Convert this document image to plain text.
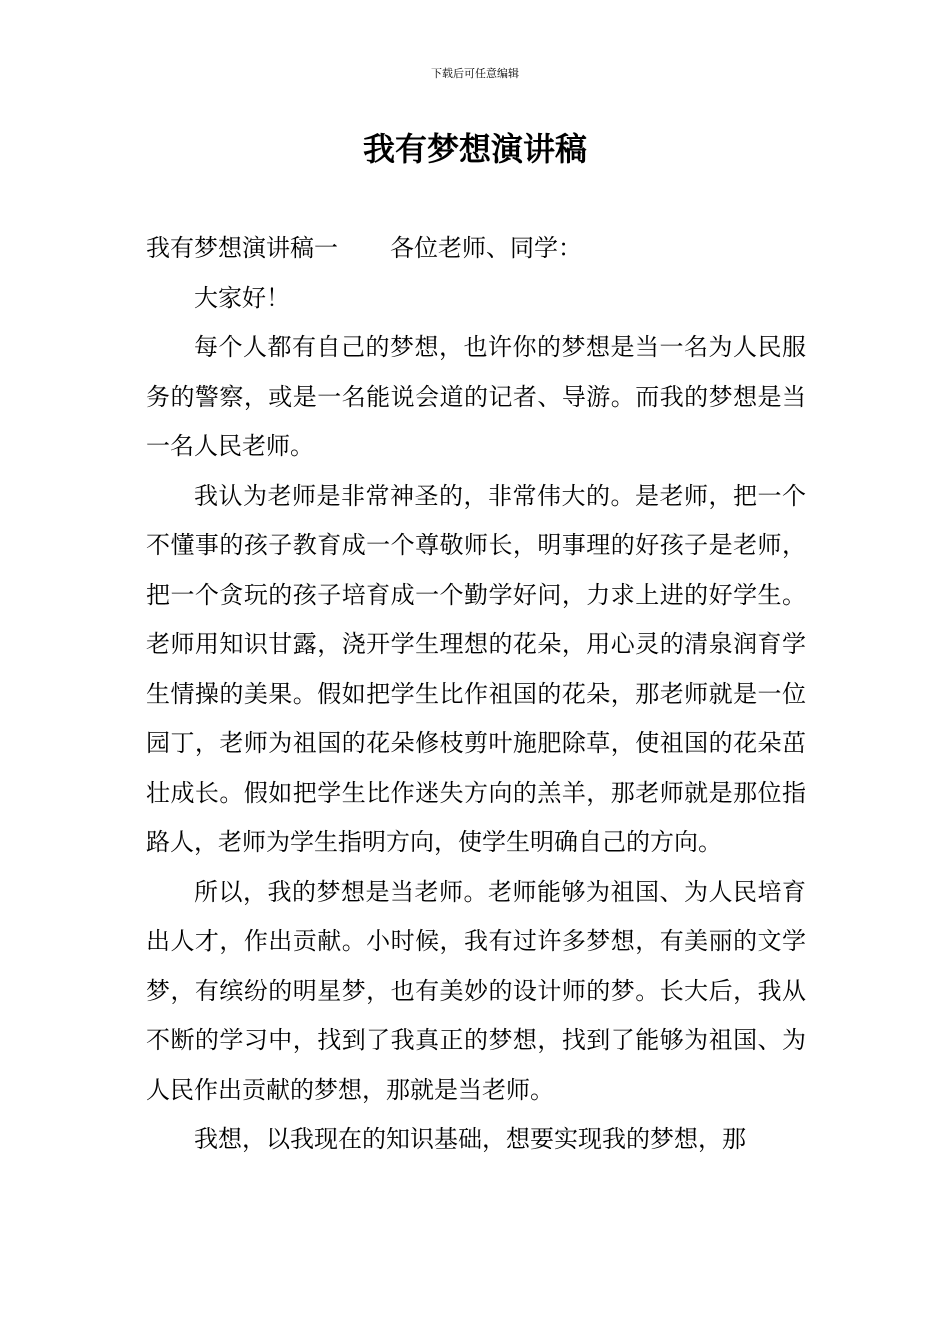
下载后可任意编辑
我有梦想演讲稿

我有梦想演讲稿一 各位老师、同学：

大家好！

每个人都有自己的梦想，也许你的梦想是当一名为人民服务的警察，或是一名能说会道的记者、导游。而我的梦想是当一名人民老师。

我认为老师是非常神圣的，非常伟大的。是老师，把一个不懂事的孩子教育成一个尊敬师长，明事理的好孩子是老师，把一个贪玩的孩子培育成一个勤学好问，力求上进的好学生。老师用知识甘露，浇开学生理想的花朵，用心灵的清泉润育学生情操的美果。假如把学生比作祖国的花朵，那老师就是一位园丁，老师为祖国的花朵修枝剪叶施肥除草，使祖国的花朵茁壮成长。假如把学生比作迷失方向的羔羊，那老师就是那位指路人，老师为学生指明方向，使学生明确自己的方向。

所以，我的梦想是当老师。老师能够为祖国、为人民培育出人才，作出贡献。小时候，我有过许多梦想，有美丽的文学梦，有缤纷的明星梦，也有美妙的设计师的梦。长大后，我从不断的学习中，找到了我真正的梦想，找到了能够为祖国、为人民作出贡献的梦想，那就是当老师。

我想，以我现在的知识基础，想要实现我的梦想，那
